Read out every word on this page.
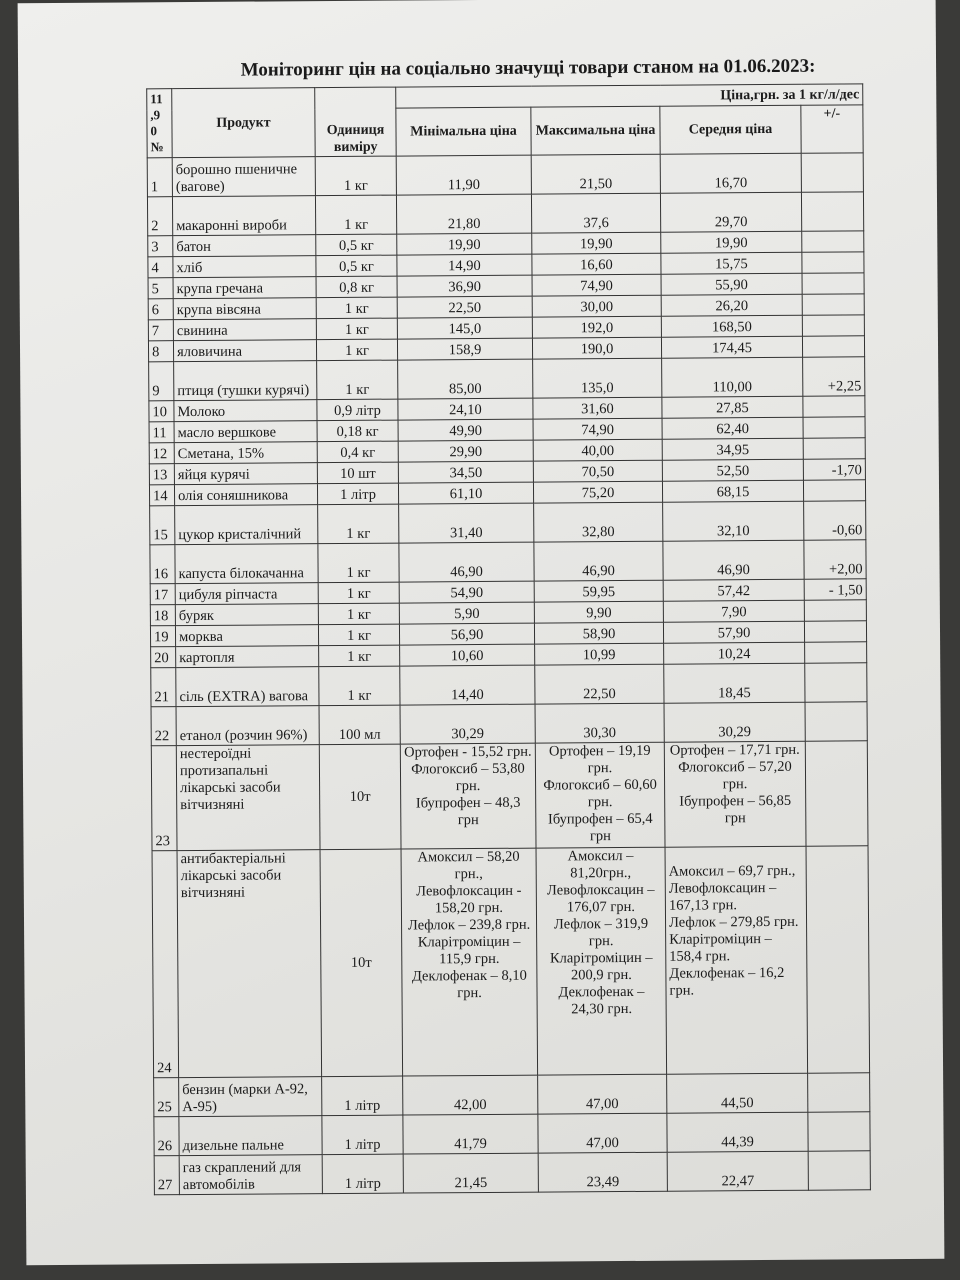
Моніторинг цін на соціально значущі товари станом на 01.06.2023:
11
,9
0
№	Продукт	Одиниця виміру	Ціна,грн. за 1 кг/л/дес			
			Мінімальна ціна	Максимальна ціна	Середня ціна	+/-
1	борошно пшеничне (вагове)	1 кг	11,90	21,50	16,70	
2	макаронні вироби	1 кг	21,80	37,6	29,70	
3	батон	0,5 кг	19,90	19,90	19,90	
4	хліб	0,5 кг	14,90	16,60	15,75	
5	крупа гречана	0,8 кг	36,90	74,90	55,90	
6	крупа вівсяна	1 кг	22,50	30,00	26,20	
7	свинина	1 кг	145,0	192,0	168,50	
8	яловичина	1 кг	158,9	190,0	174,45	
9	птиця (тушки курячі)	1 кг	85,00	135,0	110,00	+2,25
10	Молоко	0,9 літр	24,10	31,60	27,85	
11	масло вершкове	0,18 кг	49,90	74,90	62,40	
12	Сметана, 15%	0,4 кг	29,90	40,00	34,95	
13	яйця курячі	10 шт	34,50	70,50	52,50	-1,70
14	олія соняшникова	1 літр	61,10	75,20	68,15	
15	цукор кристалічний	1 кг	31,40	32,80	32,10	-0,60
16	капуста білокачанна	1 кг	46,90	46,90	46,90	+2,00
17	цибуля ріпчаста	1 кг	54,90	59,95	57,42	- 1,50
18	буряк	1 кг	5,90	9,90	7,90	
19	морква	1 кг	56,90	58,90	57,90	
20	картопля	1 кг	10,60	10,99	10,24	
21	сіль (EXTRA) вагова	1 кг	14,40	22,50	18,45	
22	етанол (розчин 96%)	100 мл	30,29	30,30	30,29	
23	нестероїдні протизапальні лікарські засоби вітчизняні	10т	Ортофен - 15,52 грн.
Флогоксиб – 53,80 грн.
Ібупрофен – 48,3 грн	Ортофен – 19,19 грн.
Флогоксиб – 60,60 грн.
Ібупрофен – 65,4 грн	Ортофен – 17,71 грн.
Флогоксиб – 57,20 грн.
Ібупрофен – 56,85 грн	
24	антибактеріальні лікарські засоби вітчизняні	10т	Амоксил – 58,20 грн.,
Левофлоксацин - 158,20 грн.
Лефлок – 239,8 грн.
Кларітроміцин – 115,9 грн.
Деклофенак – 8,10 грн.	Амоксил – 81,20грн.,
Левофлоксацин – 176,07 грн.
Лефлок – 319,9 грн.
Кларітроміцин – 200,9 грн.
Деклофенак – 24,30 грн.	Амоксил – 69,7 грн.,
Левофлоксацин – 167,13 грн.
Лефлок – 279,85 грн.
Кларітроміцин – 158,4 грн.
Деклофенак – 16,2 грн.	
25	бензин (марки А-92, А-95)	1 літр	42,00	47,00	44,50	
26	дизельне пальне	1 літр	41,79	47,00	44,39	
27	газ скраплений для автомобілів	1 літр	21,45	23,49	22,47	
